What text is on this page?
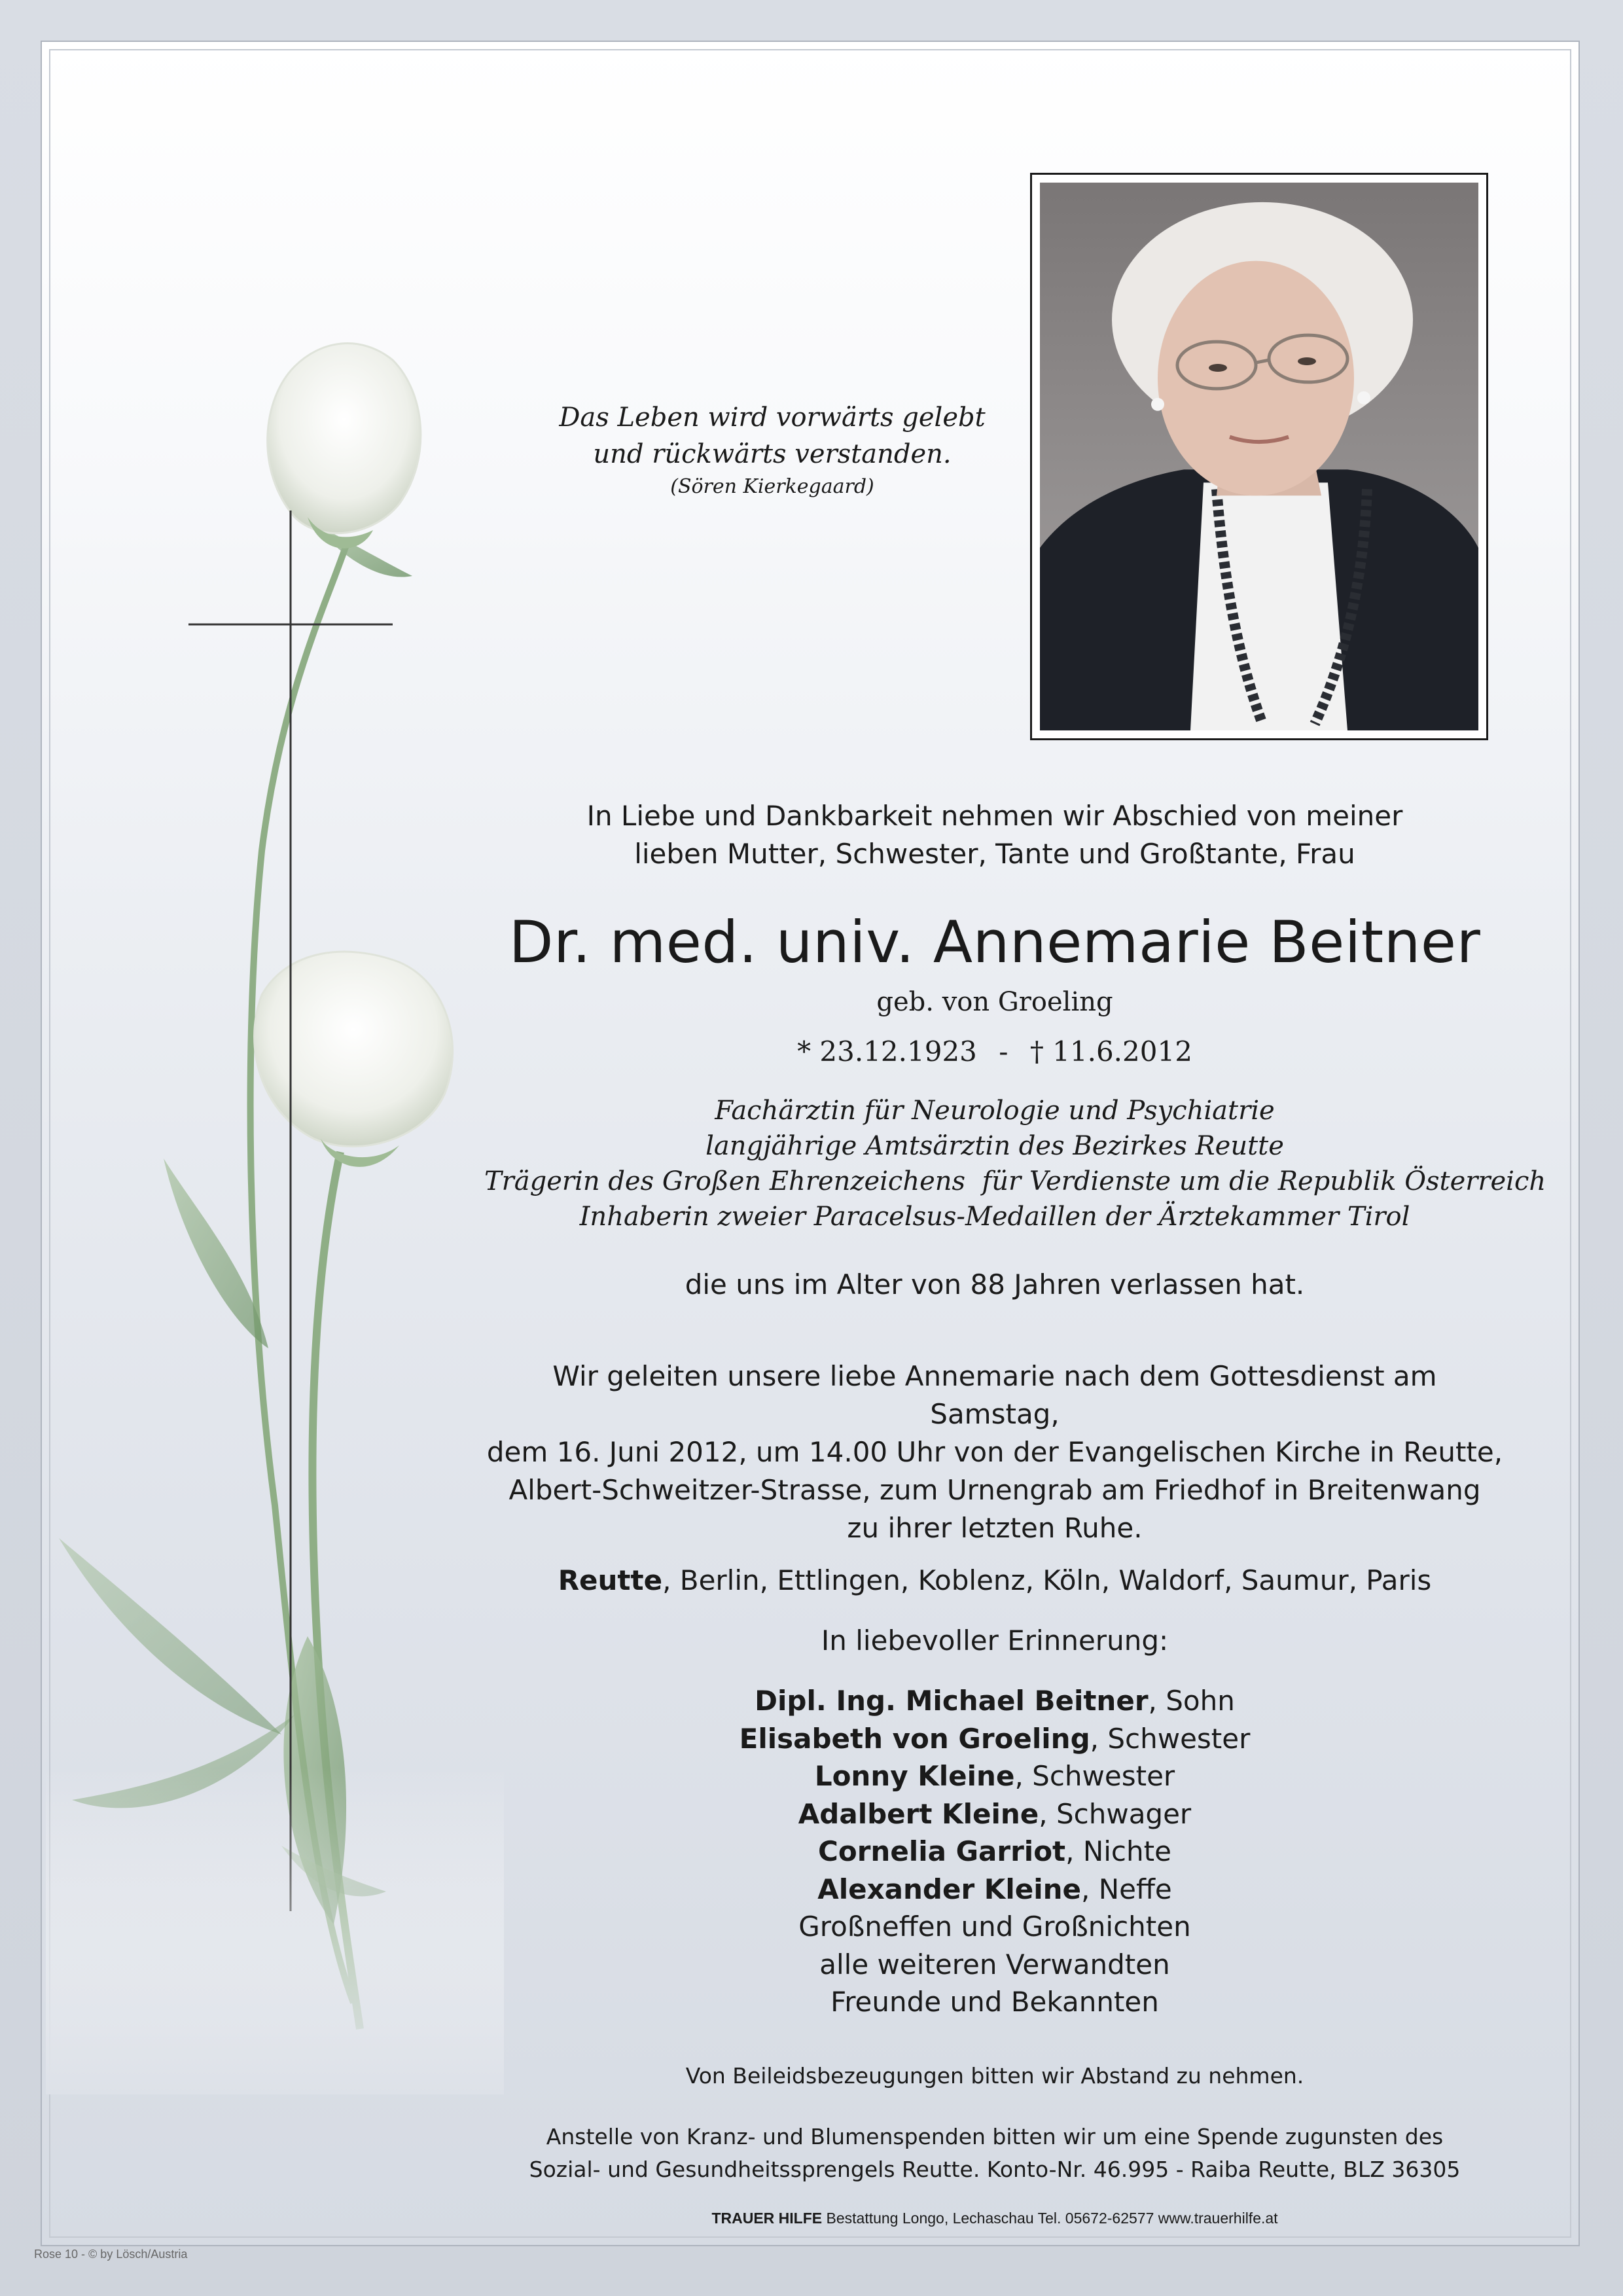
Das Leben wird vorwärts gelebt
und rückwärts verstanden.
(Sören Kierkegaard)
In Liebe und Dankbarkeit nehmen wir Abschied von meiner
lieben Mutter, Schwester, Tante und Großtante, Frau
Dr. med. univ. Annemarie Beitner
geb. von Groeling
* 23.12.1923 - † 11.6.2012
Fachärztin für Neurologie und Psychiatrie
langjährige Amtsärztin des Bezirkes Reutte
Trägerin des Großen Ehrenzeichens  für Verdienste um die Republik Österreich
Inhaberin zweier Paracelsus-Medaillen der Ärztekammer Tirol
die uns im Alter von 88 Jahren verlassen hat.
Wir geleiten unsere liebe Annemarie nach dem Gottesdienst am Samstag,
dem 16. Juni 2012, um 14.00 Uhr von der Evangelischen Kirche in Reutte,
Albert-Schweitzer-Strasse, zum Urnengrab am Friedhof in Breitenwang
zu ihrer letzten Ruhe.
Reutte, Berlin, Ettlingen, Koblenz, Köln, Waldorf, Saumur, Paris
In liebevoller Erinnerung:
Dipl. Ing. Michael Beitner, Sohn
Elisabeth von Groeling, Schwester
Lonny Kleine, Schwester
Adalbert Kleine, Schwager
Cornelia Garriot, Nichte
Alexander Kleine, Neffe
Großneffen und Großnichten
alle weiteren Verwandten
Freunde und Bekannten
Von Beileidsbezeugungen bitten wir Abstand zu nehmen.
Anstelle von Kranz- und Blumenspenden bitten wir um eine Spende zugunsten des
Sozial- und Gesundheitssprengels Reutte. Konto-Nr. 46.995 - Raiba Reutte, BLZ 36305
TRAUER HILFE Bestattung Longo, Lechaschau Tel. 05672-62577 www.trauerhilfe.at
Rose 10 - © by Lösch/Austria
